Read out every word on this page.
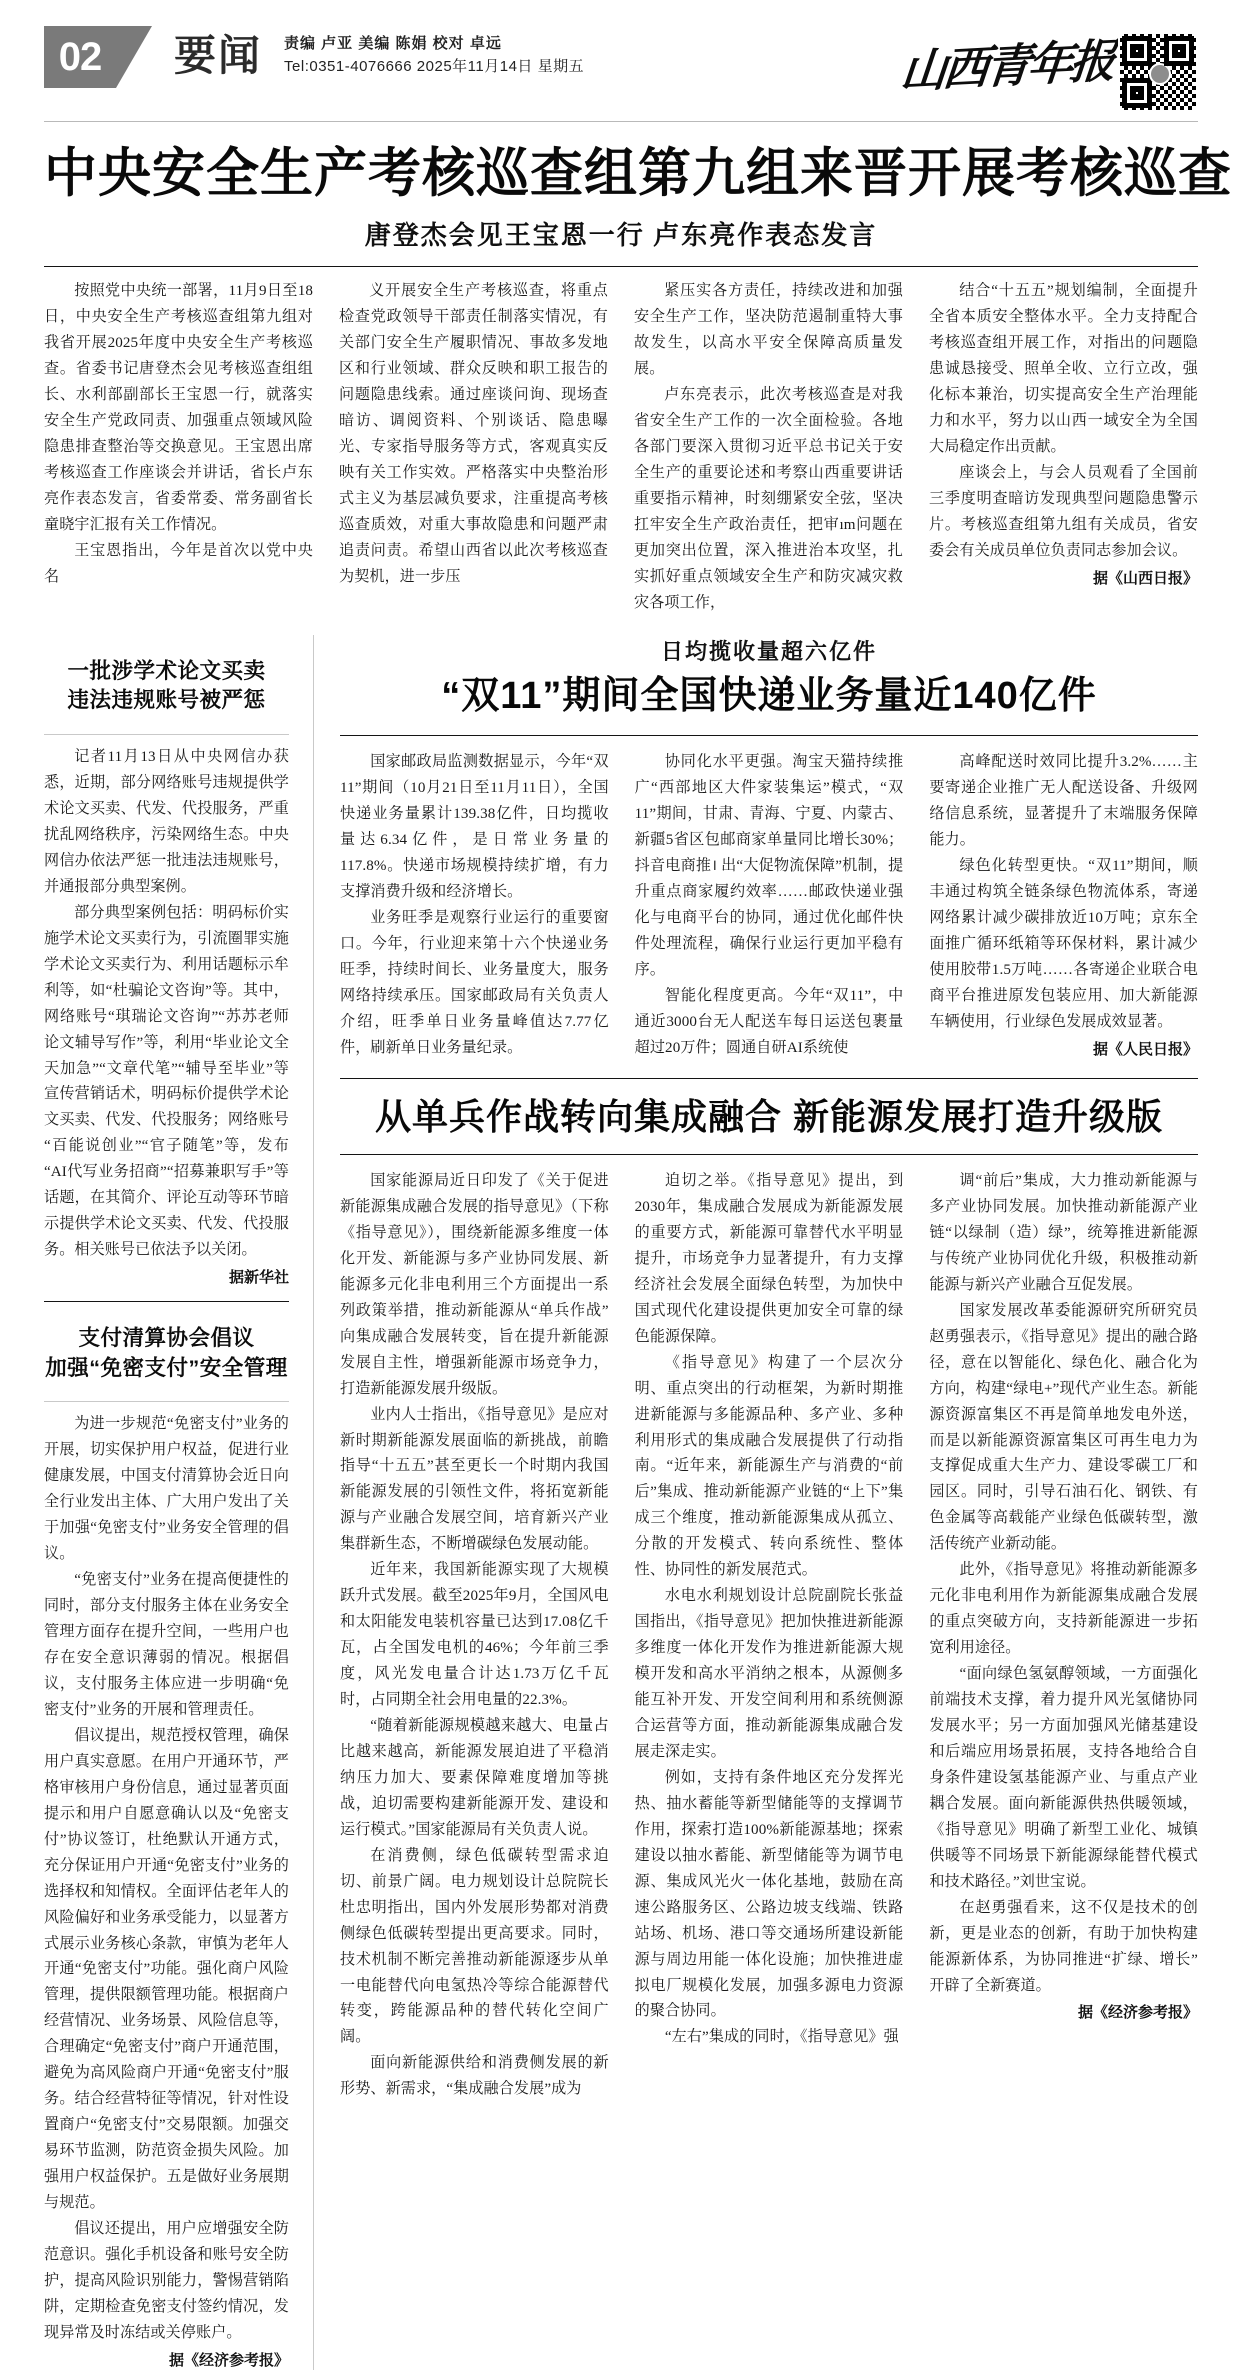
02	要闻 责编 卢亚 美编 陈娟 校对 卓远
Tel:0351-4076666 2025年11月14日 星期五	山西青年报
中央安全生产考核巡查组第九组来晋开展考核巡查
唐登杰会见王宝恩一行 卢东亮作表态发言

按照党中央统一部署，11月9日至18日，中央安全生产考核巡查组第九组对我省开展2025年度中央安全生产考核巡查。省委书记唐登杰会见考核巡查组组长、水利部副部长王宝恩一行，就落实安全生产党政同责、加强重点领域风险隐患排查整治等交换意见。王宝恩出席考核巡查工作座谈会并讲话，省长卢东亮作表态发言，省委常委、常务副省长童晓宇汇报有关工作情况。

王宝恩指出，今年是首次以党中央名

义开展安全生产考核巡查，将重点检查党政领导干部责任制落实情况，有关部门安全生产履职情况、事故多发地区和行业领域、群众反映和职工报告的问题隐患线索。通过座谈问询、现场查暗访、调阅资料、个别谈话、隐患曝光、专家指导服务等方式，客观真实反映有关工作实效。严格落实中央整治形式主义为基层减负要求，注重提高考核巡查质效，对重大事故隐患和问题严肃追责问责。希望山西省以此次考核巡查为契机，进一步压

紧压实各方责任，持续改进和加强安全生产工作，坚决防范遏制重特大事故发生，以高水平安全保障高质量发展。

卢东亮表示，此次考核巡查是对我省安全生产工作的一次全面检验。各地各部门要深入贯彻习近平总书记关于安全生产的重要论述和考察山西重要讲话重要指示精神，时刻绷紧安全弦，坚决扛牢安全生产政治责任，把审ım问题在更加突出位置，深入推进治本攻坚，扎实抓好重点领域安全生产和防灾减灾救灾各项工作，

结合“十五五”规划编制，全面提升全省本质安全整体水平。全力支持配合考核巡查组开展工作，对指出的问题隐患诚恳接受、照单全收、立行立改，强化标本兼治，切实提高安全生产治理能力和水平，努力以山西一域安全为全国大局稳定作出贡献。

座谈会上，与会人员观看了全国前三季度明查暗访发现典型问题隐患警示片。考核巡查组第九组有关成员，省安委会有关成员单位负责同志参加会议。

据《山西日报》
一批涉学术论文买卖
违法违规账号被严惩

记者11月13日从中央网信办获悉，近期，部分网络账号违规提供学术论文买卖、代发、代投服务，严重扰乱网络秩序，污染网络生态。中央网信办依法严惩一批违法违规账号，并通报部分典型案例。

部分典型案例包括：明码标价实施学术论文买卖行为，引流圈罪实施学术论文买卖行为、利用话题标示牟利等，如“杜骗论文咨询”等。其中，网络账号“琪瑞论文咨询”“苏苏老师论文辅导写作”等，利用“毕业论文全天加急”“文章代笔”“辅导至毕业”等宣传营销话术，明码标价提供学术论文买卖、代发、代投服务；网络账号“百能说创业”“官子随笔”等，发布“AI代写业务招商”“招募兼职写手”等话题，在其简介、评论互动等环节暗示提供学术论文买卖、代发、代投服务。相关账号已依法予以关闭。

据新华社
支付清算协会倡议
加强“免密支付”安全管理

为进一步规范“免密支付”业务的开展，切实保护用户权益，促进行业健康发展，中国支付清算协会近日向全行业发出主体、广大用户发出了关于加强“免密支付”业务安全管理的倡议。

“免密支付”业务在提高便捷性的同时，部分支付服务主体在业务安全管理方面存在提升空间，一些用户也存在安全意识薄弱的情况。根据倡议，支付服务主体应进一步明确“免密支付”业务的开展和管理责任。

倡议提出，规范授权管理，确保用户真实意愿。在用户开通环节，严格审核用户身份信息，通过显著页面提示和用户自愿意确认以及“免密支付”协议签订，杜绝默认开通方式，充分保证用户开通“免密支付”业务的选择权和知情权。全面评估老年人的风险偏好和业务承受能力，以显著方式展示业务核心条款，审慎为老年人开通“免密支付”功能。强化商户风险管理，提供限额管理功能。根据商户经营情况、业务场景、风险信息等，合理确定“免密支付”商户开通范围，避免为高风险商户开通“免密支付”服务。结合经营特征等情况，针对性设置商户“免密支付”交易限额。加强交易环节监测，防范资金损失风险。加强用户权益保护。五是做好业务展期与规范。

倡议还提出，用户应增强安全防范意识。强化手机设备和账号安全防护，提高风险识别能力，警惕营销陷阱，定期检查免密支付签约情况，发现异常及时冻结或关停账户。

据《经济参考报》
日均揽收量超六亿件
“双11”期间全国快递业务量近140亿件

国家邮政局监测数据显示，今年“双11”期间（10月21日至11月11日），全国快递业务量累计139.38亿件，日均揽收量达6.34亿件，是日常业务量的117.8%。快递市场规模持续扩增，有力支撑消费升级和经济增长。

业务旺季是观察行业运行的重要窗口。今年，行业迎来第十六个快递业务旺季，持续时间长、业务量度大，服务网络持续承压。国家邮政局有关负责人介绍，旺季单日业务量峰值达7.77亿件，刷新单日业务量纪录。

协同化水平更强。淘宝天猫持续推广“西部地区大件家装集运”模式，“双11”期间，甘肃、青海、宁夏、内蒙古、新疆5省区包邮商家单量同比增长30%；抖音电商推। 出“大促物流保障”机制，提升重点商家履约效率……邮政快递业强化与电商平台的协同，通过优化邮件快件处理流程，确保行业运行更加平稳有序。

智能化程度更高。今年“双11”，中通近3000台无人配送车每日运送包裹量超过20万件；圆通自研AI系统使

高峰配送时效同比提升3.2%……主要寄递企业推广无人配送设备、升级网络信息系统，显著提升了末端服务保障能力。

绿色化转型更快。“双11”期间，顺丰通过构筑全链条绿色物流体系，寄递网络累计减少碳排放近10万吨；京东全面推广循环纸箱等环保材料，累计减少使用胶带1.5万吨……各寄递企业联合电商平台推进原发包装应用、加大新能源车辆使用，行业绿色发展成效显著。

据《人民日报》
从单兵作战转向集成融合 新能源发展打造升级版

国家能源局近日印发了《关于促进新能源集成融合发展的指导意见》（下称《指导意见》），围绕新能源多维度一体化开发、新能源与多产业协同发展、新能源多元化非电利用三个方面提出一系列政策举措，推动新能源从“单兵作战”向集成融合发展转变，旨在提升新能源发展自主性，增强新能源市场竞争力，打造新能源发展升级版。

业内人士指出，《指导意见》是应对新时期新能源发展面临的新挑战，前瞻指导“十五五”甚至更长一个时期内我国新能源发展的引领性文件，将拓宽新能源与产业融合发展空间，培育新兴产业集群新生态，不断增碳绿色发展动能。

近年来，我国新能源实现了大规模跃升式发展。截至2025年9月，全国风电和太阳能发电装机容量已达到17.08亿千瓦，占全国发电机的46%；今年前三季度，风光发电量合计达1.73万亿千瓦时，占同期全社会用电量的22.3%。

“随着新能源规模越来越大、电量占比越来越高，新能源发展迫进了平稳消纳压力加大、要素保障难度增加等挑战，迫切需要构建新能源开发、建设和运行模式。”国家能源局有关负责人说。

在消费侧，绿色低碳转型需求迫切、前景广阔。电力规划设计总院院长杜忠明指出，国内外发展形势都对消费侧绿色低碳转型提出更高要求。同时，技术机制不断完善推动新能源逐步从单一电能替代向电氢热冷等综合能源替代转变，跨能源品种的替代转化空间广阔。

面向新能源供给和消费侧发展的新形势、新需求，“集成融合发展”成为

迫切之举。《指导意见》提出，到2030年，集成融合发展成为新能源发展的重要方式，新能源可靠替代水平明显提升，市场竞争力显著提升，有力支撑经济社会发展全面绿色转型，为加快中国式现代化建设提供更加安全可靠的绿色能源保障。

《指导意见》构建了一个层次分明、重点突出的行动框架，为新时期推进新能源与多能源品种、多产业、多种利用形式的集成融合发展提供了行动指南。“近年来，新能源生产与消费的“前后”集成、推动新能源产业链的“上下”集成三个维度，推动新能源集成从孤立、分散的开发模式、转向系统性、整体性、协同性的新发展范式。

水电水利规划设计总院副院长张益国指出，《指导意见》把加快推进新能源多维度一体化开发作为推进新能源大规模开发和高水平消纳之根本，从源侧多能互补开发、开发空间利用和系统侧源合运营等方面，推动新能源集成融合发展走深走实。

例如，支持有条件地区充分发挥光热、抽水蓄能等新型储能等的支撑调节作用，探索打造100%新能源基地；探索建设以抽水蓄能、新型储能等为调节电源、集成风光火一体化基地，鼓励在高速公路服务区、公路边坡支线端、铁路站场、机场、港口等交通场所建设新能源与周边用能一体化设施；加快推进虚拟电厂规模化发展，加强多源电力资源的聚合协同。

“左右”集成的同时，《指导意见》强

调“前后”集成，大力推动新能源与多产业协同发展。加快推动新能源产业链“以绿制（造）绿”，统筹推进新能源与传统产业协同优化升级，积极推动新能源与新兴产业融合互促发展。

国家发展改革委能源研究所研究员赵勇强表示，《指导意见》提出的融合路径，意在以智能化、绿色化、融合化为方向，构建“绿电+”现代产业生态。新能源资源富集区不再是简单地发电外送，而是以新能源资源富集区可再生电力为支撑促成重大生产力、建设零碳工厂和园区。同时，引导石油石化、钢铁、有色金属等高载能产业绿色低碳转型，激活传统产业新动能。

此外，《指导意见》将推动新能源多元化非电利用作为新能源集成融合发展的重点突破方向，支持新能源进一步拓宽利用途径。

“面向绿色氢氨醇领域，一方面强化前端技术支撑，着力提升风光氢储协同发展水平；另一方面加强风光储基建设和后端应用场景拓展，支持各地给合自身条件建设氢基能源产业、与重点产业耦合发展。面向新能源供热供暖领域，《指导意见》明确了新型工业化、城镇供暖等不同场景下新能源绿能替代模式和技术路径。”刘世宝说。

在赵勇强看来，这不仅是技术的创新，更是业态的创新，有助于加快构建能源新体系，为协同推进“扩绿、增长”开辟了全新赛道。

据《经济参考报》
